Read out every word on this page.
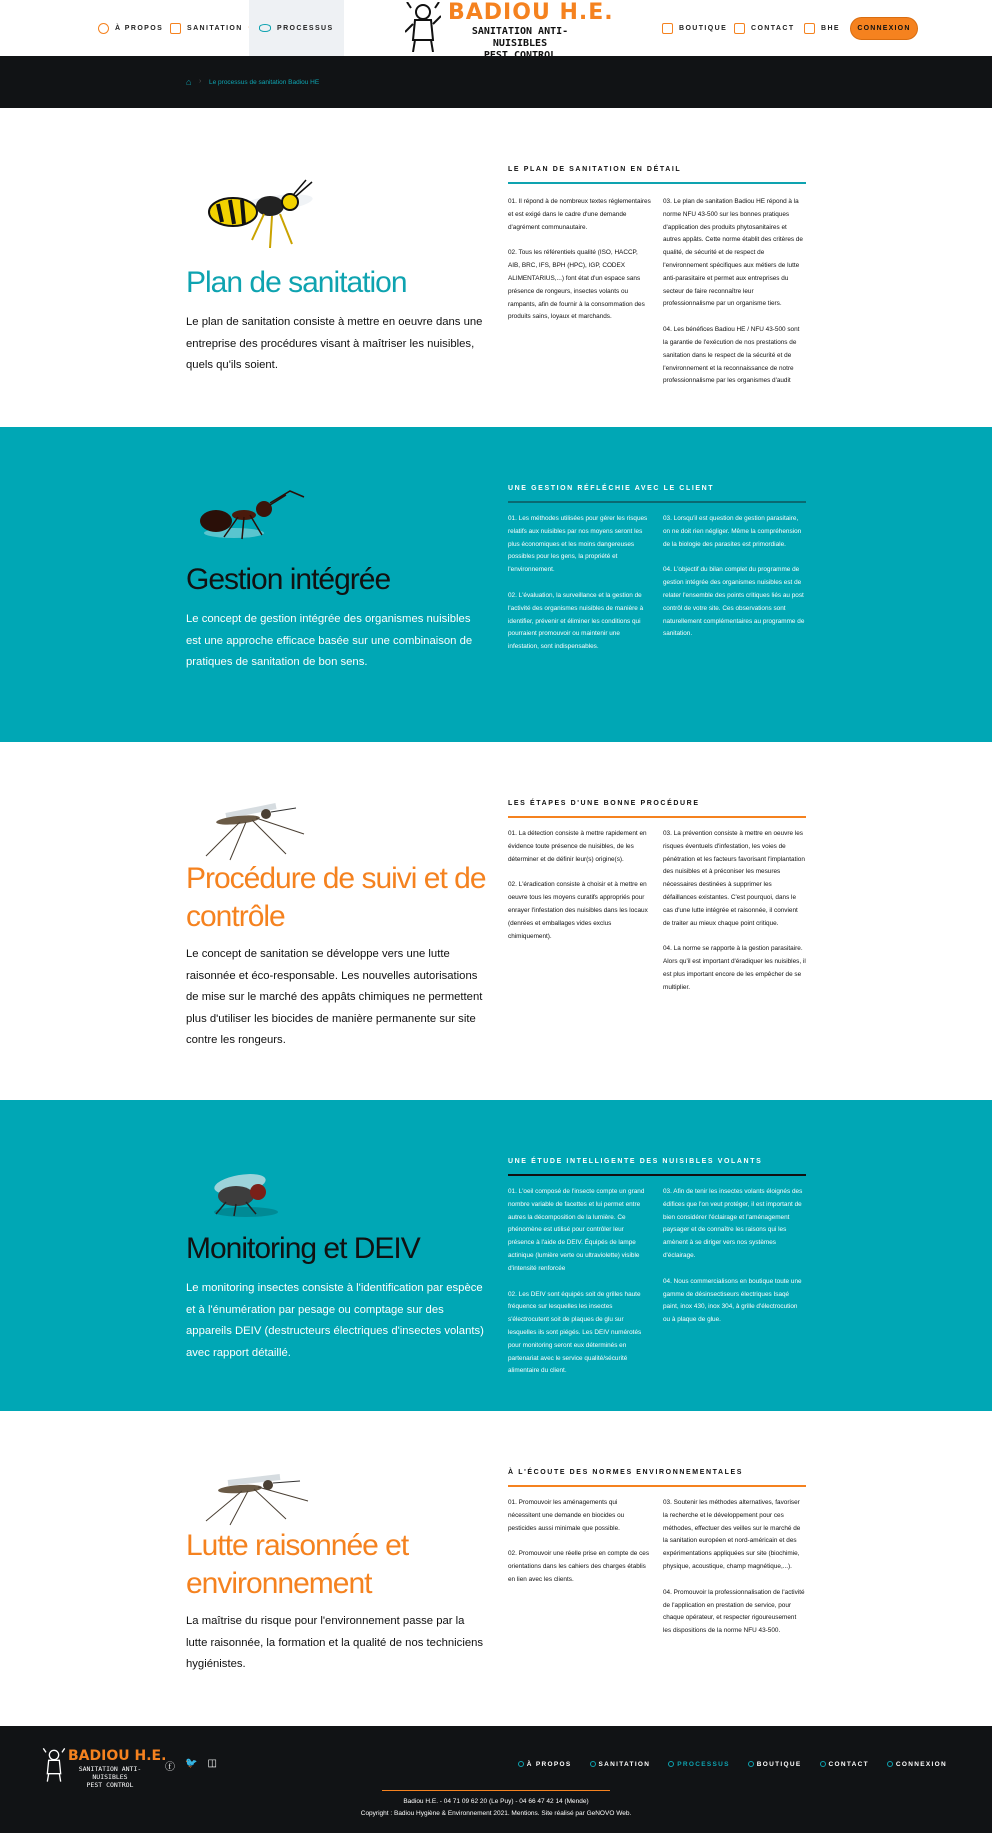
À PROPOS	SANITATION	PROCESSUS
BADIOU H.E.
SANITATION ANTI-NUISIBLES
BOUTIQUE	CONTACT	BHE	CONNEXION
⌂ › Le processus de sanitation Badiou HE
Plan de sanitation
Le plan de sanitation consiste à mettre en oeuvre dans une entreprise des procédures visant à maîtriser les nuisibles, quels qu'ils soient.
LE PLAN DE SANITATION EN DÉTAIL

01. Il répond à de nombreux textes réglementaires et est exigé dans le cadre d'une demande d'agrément communautaire.

02. Tous les référentiels qualité (ISO, HACCP, AIB, BRC, IFS, BPH (HPC), IGP, CODEX ALIMENTARIUS,...) font état d'un espace sans présence de rongeurs, insectes volants ou rampants, afin de fournir à la consommation des produits sains, loyaux et marchands.

03. Le plan de sanitation Badiou HE répond à la norme NFU 43-500 sur les bonnes pratiques d'application des produits phytosanitaires et autres appâts. Cette norme établit des critères de qualité, de sécurité et de respect de l'environnement spécifiques aux métiers de lutte anti-parasitaire et permet aux entreprises du secteur de faire reconnaître leur professionnalisme par un organisme tiers.

04. Les bénéfices Badiou HE / NFU 43-500 sont la garantie de l'exécution de nos prestations de sanitation dans le respect de la sécurité et de l'environnement et la reconnaissance de notre professionnalisme par les organismes d'audit

Gestion intégrée
Le concept de gestion intégrée des organismes nuisibles est une approche efficace basée sur une combinaison de pratiques de sanitation de bon sens.
UNE GESTION RÉFLÉCHIE AVEC LE CLIENT

01. Les méthodes utilisées pour gérer les risques relatifs aux nuisibles par nos moyens seront les plus économiques et les moins dangereuses possibles pour les gens, la propriété et l'environnement.

02. L'évaluation, la surveillance et la gestion de l'activité des organismes nuisibles de manière à identifier, prévenir et éliminer les conditions qui pourraient promouvoir ou maintenir une infestation, sont indispensables.

03. Lorsqu'il est question de gestion parasitaire, on ne doit rien négliger. Même la compréhension de la biologie des parasites est primordiale.

04. L'objectif du bilan complet du programme de gestion intégrée des organismes nuisibles est de relater l'ensemble des points critiques liés au post contrôl de votre site. Ces observations sont naturellement complémentaires au programme de sanitation.

Procédure de suivi et de contrôle
Le concept de sanitation se développe vers une lutte raisonnée et éco-responsable. Les nouvelles autorisations de mise sur le marché des appâts chimiques ne permettent plus d'utiliser les biocides de manière permanente sur site contre les rongeurs.
LES ÉTAPES D'UNE BONNE PROCÉDURE

01. La détection consiste à mettre rapidement en évidence toute présence de nuisibles, de les déterminer et de définir leur(s) origine(s).

02. L'éradication consiste à choisir et à mettre en oeuvre tous les moyens curatifs appropriés pour enrayer l'infestation des nuisibles dans les locaux (denrées et emballages vides exclus chimiquement).

03. La prévention consiste à mettre en oeuvre les risques éventuels d'infestation, les voies de pénétration et les facteurs favorisant l'implantation des nuisibles et à préconiser les mesures nécessaires destinées à supprimer les défaillances existantes. C'est pourquoi, dans le cas d'une lutte intégrée et raisonnée, il convient de traiter au mieux chaque point critique.

04. La norme se rapporte à la gestion parasitaire. Alors qu'il est important d'éradiquer les nuisibles, il est plus important encore de les empêcher de se multiplier.

Monitoring et DEIV
Le monitoring insectes consiste à l'identification par espèce et à l'énumération par pesage ou comptage sur des appareils DEIV (destructeurs électriques d'insectes volants) avec rapport détaillé.
UNE ÉTUDE INTELLIGENTE DES NUISIBLES VOLANTS

01. L'oeil composé de l'insecte compte un grand nombre variable de facettes et lui permet entre autres la décomposition de la lumière. Ce phénomène est utilisé pour contrôler leur présence à l'aide de DEIV. Équipés de lampe actinique (lumière verte ou ultraviolette) visible d'intensité renforcée

02. Les DEIV sont équipés soit de grilles haute fréquence sur lesquelles les insectes s'électrocutent soit de plaques de glu sur lesquelles ils sont piégés. Les DEIV numérotés pour monitoring seront eux déterminés en partenariat avec le service qualité/sécurité alimentaire du client.

03. Afin de tenir les insectes volants éloignés des édifices que l'on veut protéger, il est important de bien considérer l'éclairage et l'aménagement paysager et de connaître les raisons qui les amènent à se diriger vers nos systèmes d'éclairage.

04. Nous commercialisons en boutique toute une gamme de désinsectiseurs électriques Isaqé paint, inox 430, inox 304, à grille d'électrocution ou à plaque de glue.

Lutte raisonnée et environnement
La maîtrise du risque pour l'environnement passe par la lutte raisonnée, la formation et la qualité de nos techniciens hygiénistes.
À L'ÉCOUTE DES NORMES ENVIRONNEMENTALES

01. Promouvoir les aménagements qui nécessitent une demande en biocides ou pesticides aussi minimale que possible.

02. Promouvoir une réelle prise en compte de ces orientations dans les cahiers des charges établis en lien avec les clients.

03. Soutenir les méthodes alternatives, favoriser la recherche et le développement pour ces méthodes, effectuer des veilles sur le marché de la sanitation européen et nord-américain et des expérimentations appliquées sur site (biochimie, physique, acoustique, champ magnétique,...).

04. Promouvoir la professionnalisation de l'activité de l'application en prestation de service, pour chaque opérateur, et respecter rigoureusement les dispositions de la norme NFU 43-500.

BADIOU H.E.
SANITATION ANTI-NUISIBLES
PEST CONTROL
ⓕ 🐦 ◫
Badiou H.E. - 04 71 09 62 20 (Le Puy) - 04 66 47 42 14 (Mende)
Copyright : Badiou Hygiène & Environnement 2021. Mentions. Site réalisé par GeNOVO Web.
À PROPOS	SANITATION	PROCESSUS	BOUTIQUE	CONTACT	CONNEXION
